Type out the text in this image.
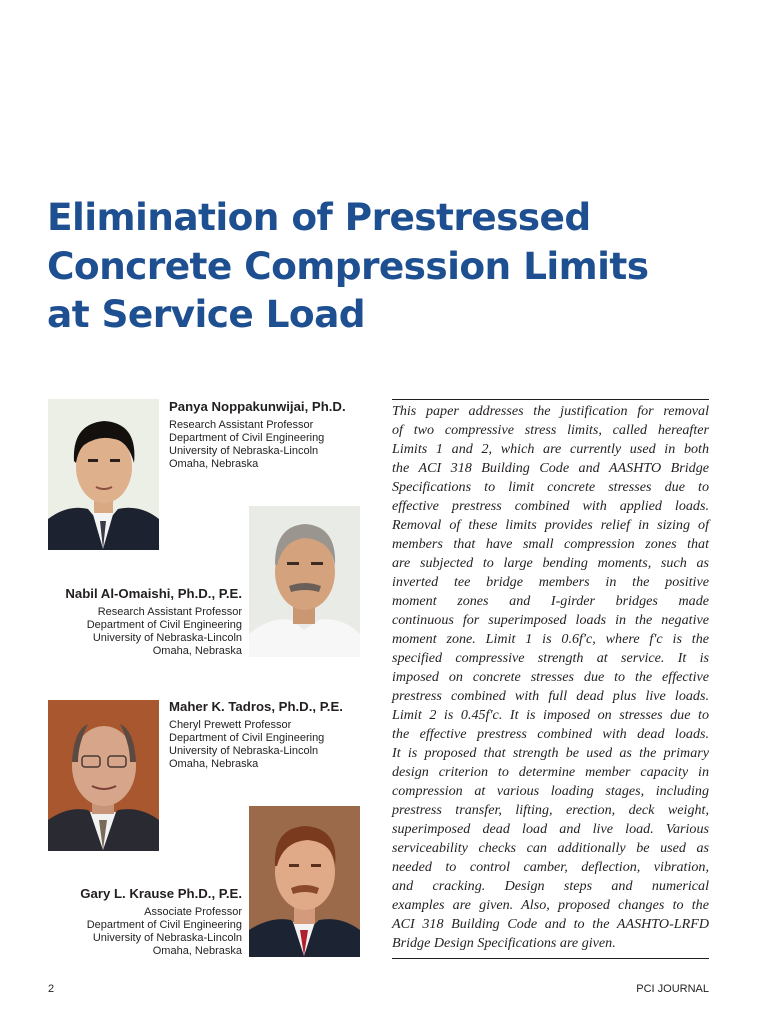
Elimination of Prestressed
Concrete Compression Limits
at Service Load
Panya Noppakunwijai, Ph.D.
Research Assistant Professor
Department of Civil Engineering
University of Nebraska-Lincoln
Omaha, Nebraska
Nabil Al-Omaishi, Ph.D., P.E.
Research Assistant Professor
Department of Civil Engineering
University of Nebraska-Lincoln
Omaha, Nebraska
Maher K. Tadros, Ph.D., P.E.
Cheryl Prewett Professor
Department of Civil Engineering
University of Nebraska-Lincoln
Omaha, Nebraska
Gary L. Krause Ph.D., P.E.
Associate Professor
Department of Civil Engineering
University of Nebraska-Lincoln
Omaha, Nebraska
This paper addresses the justification for removal
of two compressive stress limits, called hereafter
Limits 1 and 2, which are currently used in both
the ACI 318 Building Code and AASHTO Bridge
Specifications to limit concrete stresses due to
effective prestress combined with applied loads.
Removal of these limits provides relief in sizing of
members that have small compression zones that
are subjected to large bending moments, such as
inverted tee bridge members in the positive
moment zones and I-girder bridges made
continuous for superimposed loads in the negative
moment zone. Limit 1 is 0.6f′c, where f′c is the
specified compressive strength at service. It is
imposed on concrete stresses due to the effective
prestress combined with full dead plus live loads.
Limit 2 is 0.45f′c. It is imposed on stresses due to
the effective prestress combined with dead loads.
It is proposed that strength be used as the primary
design criterion to determine member capacity in
compression at various loading stages, including
prestress transfer, lifting, erection, deck weight,
superimposed dead load and live load. Various
serviceability checks can additionally be used as
needed to control camber, deflection, vibration,
and cracking. Design steps and numerical
examples are given. Also, proposed changes to the
ACI 318 Building Code and to the AASHTO-LRFD
Bridge Design Specifications are given.
2	PCI JOURNAL
